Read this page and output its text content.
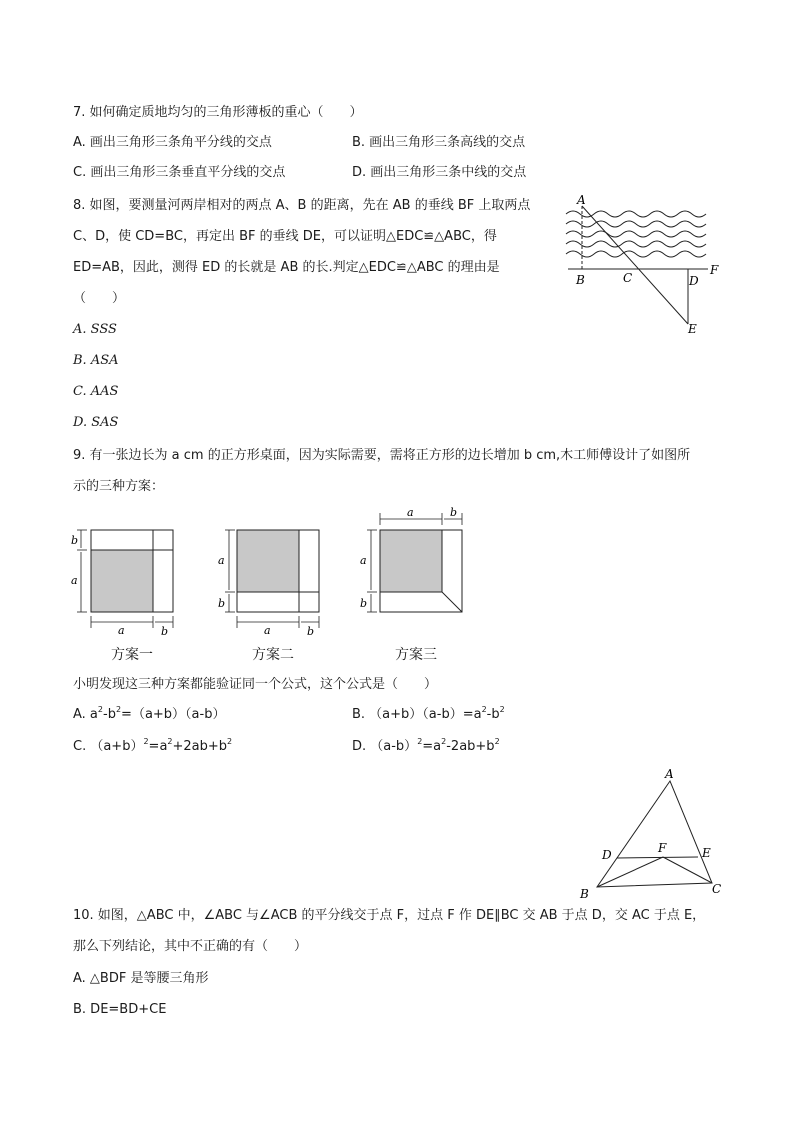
7. 如何确定质地均匀的三角形薄板的重心（　　）
A. 画出三角形三条角平分线的交点	B. 画出三角形三条高线的交点
C. 画出三角形三条垂直平分线的交点	D. 画出三角形三条中线的交点
8. 如图，要测量河两岸相对的两点 A、B 的距离，先在 AB 的垂线 BF 上取两点
C、D，使 CD=BC，再定出 BF 的垂线 DE，可以证明△EDC≌△ABC，得
ED=AB，因此，测得 ED 的长就是 AB 的长.判定△EDC≌△ABC 的理由是
（　　）
A. SSS
B. ASA
C. AAS
D. SAS
A
B	C	D
E
F
9. 有一张边长为 a cm 的正方形桌面，因为实际需要，需将正方形的边长增加 b cm,木工师傅设计了如图所
示的三种方案：
b
a
a	b
方案一
a
b
a	b
方案二
a	b
a
b
方案三
小明发现这三种方案都能验证同一个公式，这个公式是（　　）
A. $a^2-b^2=(a+b)(a-b)$	B. $(a+b)(a-b)=a^2-b^2$
C. $(a+b)^2=a^2+2ab+b^2$	D. $(a-b)^2=a^2-2ab+b^2$
A
B	C
D	E
F
10. 如图，△ABC 中，∠ABC 与∠ACB 的平分线交于点 F，过点 F 作 DE∥BC 交 AB 于点 D，交 AC 于点 E，
那么下列结论，其中不正确的有（　　）
A. △BDF 是等腰三角形
B. DE=BD+CE
